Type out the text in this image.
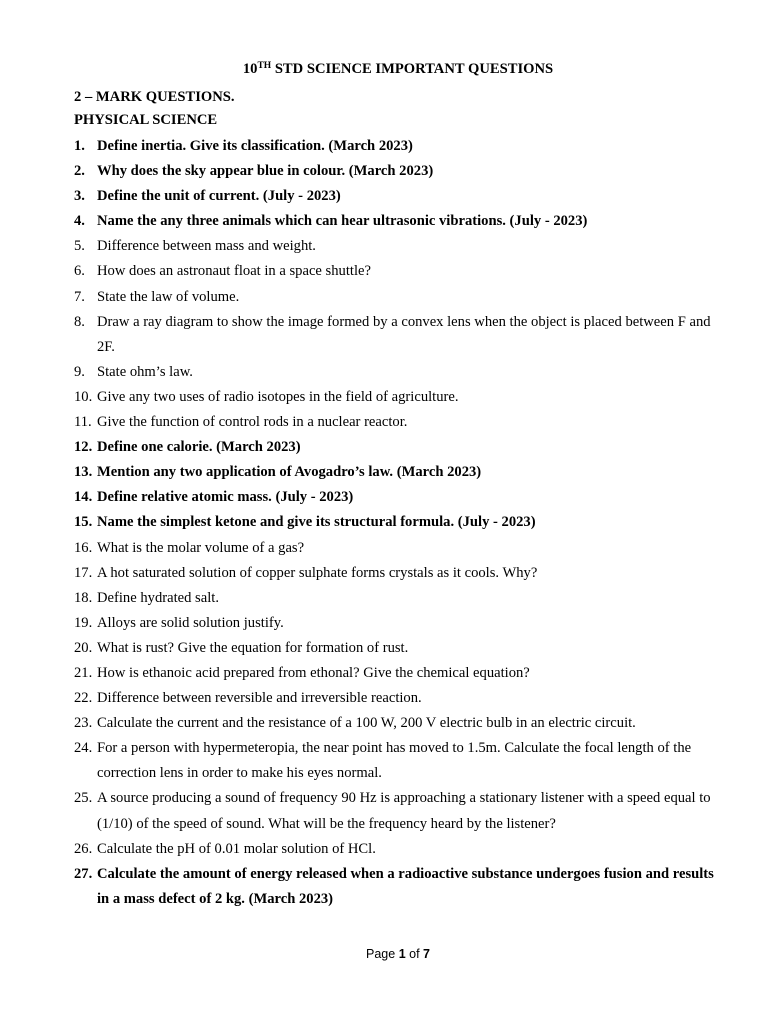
10TH STD SCIENCE IMPORTANT QUESTIONS
2 – MARK QUESTIONS.
PHYSICAL SCIENCE
1. Define inertia. Give its classification. (March 2023)
2. Why does the sky appear blue in colour. (March 2023)
3. Define the unit of current. (July - 2023)
4. Name the any three animals which can hear ultrasonic vibrations. (July - 2023)
5. Difference between mass and weight.
6. How does an astronaut float in a space shuttle?
7. State the law of volume.
8. Draw a ray diagram to show the image formed by a convex lens when the object is placed between F and 2F.
9. State ohm’s law.
10. Give any two uses of radio isotopes in the field of agriculture.
11. Give the function of control rods in a nuclear reactor.
12. Define one calorie. (March 2023)
13. Mention any two application of Avogadro’s law. (March 2023)
14. Define relative atomic mass. (July - 2023)
15. Name the simplest ketone and give its structural formula. (July - 2023)
16. What is the molar volume of a gas?
17. A hot saturated solution of copper sulphate forms crystals as it cools. Why?
18. Define hydrated salt.
19. Alloys are solid solution justify.
20. What is rust? Give the equation for formation of rust.
21. How is ethanoic acid prepared from ethonal? Give the chemical equation?
22. Difference between reversible and irreversible reaction.
23. Calculate the current and the resistance of a 100 W, 200 V electric bulb in an electric circuit.
24. For a person with hypermeteropia, the near point has moved to 1.5m. Calculate the focal length of the correction lens in order to make his eyes normal.
25. A source producing a sound of frequency 90 Hz is approaching a stationary listener with a speed equal to (1/10) of the speed of sound. What will be the frequency heard by the listener?
26. Calculate the pH of 0.01 molar solution of HCl.
27. Calculate the amount of energy released when a radioactive substance undergoes fusion and results in a mass defect of 2 kg. (March 2023)

Page 1 of 7
